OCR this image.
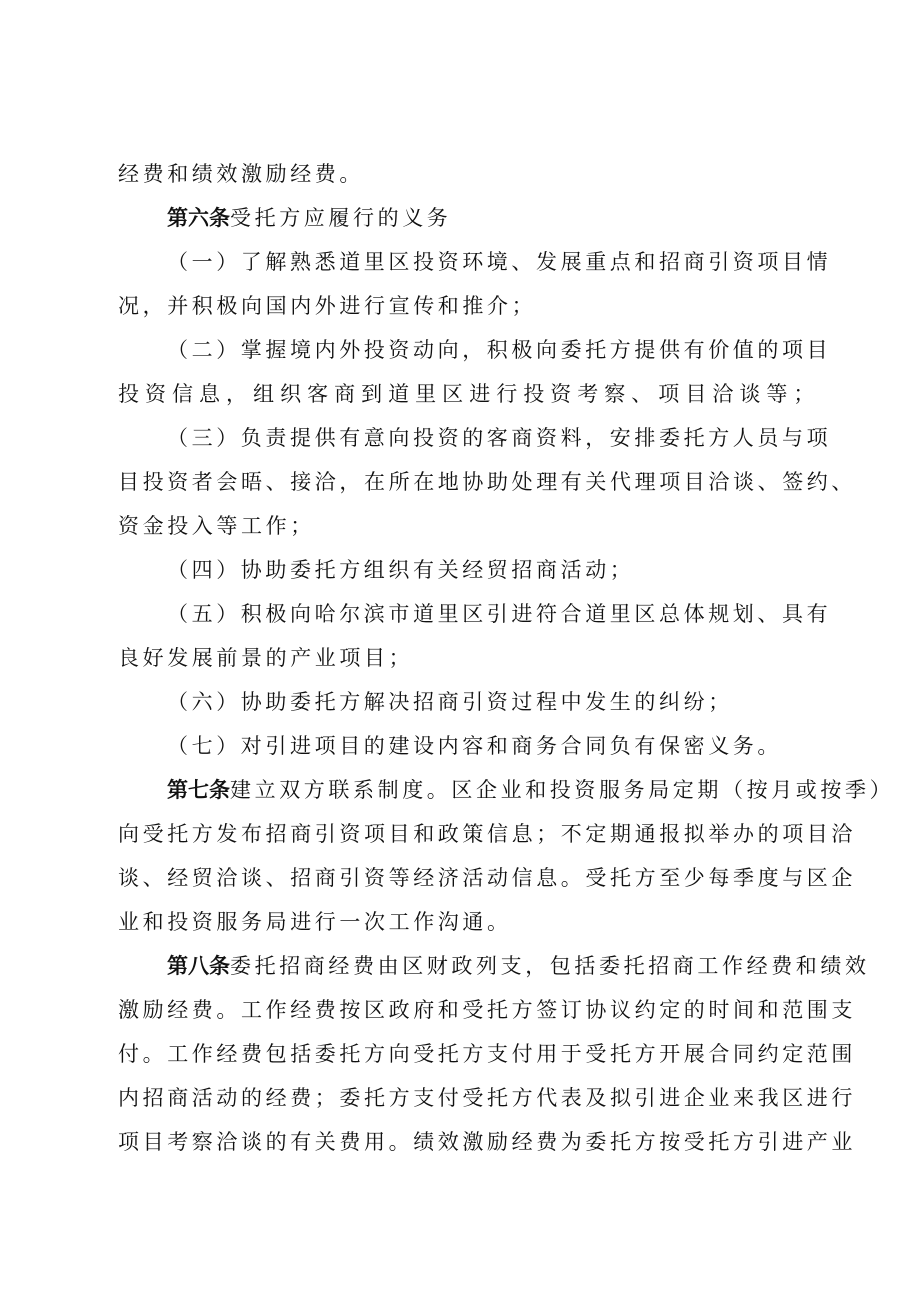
经费和绩效激励经费。
第六条受托方应履行的义务
（一）了解熟悉道里区投资环境、发展重点和招商引资项目情
况，并积极向国内外进行宣传和推介；
（二）掌握境内外投资动向，积极向委托方提供有价值的项目
投资信息，组织客商到道里区进行投资考察、项目洽谈等；
（三）负责提供有意向投资的客商资料，安排委托方人员与项
目投资者会晤、接洽，在所在地协助处理有关代理项目洽谈、签约、
资金投入等工作；
（四）协助委托方组织有关经贸招商活动；
（五）积极向哈尔滨市道里区引进符合道里区总体规划、具有
良好发展前景的产业项目；
（六）协助委托方解决招商引资过程中发生的纠纷；
（七）对引进项目的建设内容和商务合同负有保密义务。
第七条建立双方联系制度。区企业和投资服务局定期（按月或按季）
向受托方发布招商引资项目和政策信息；不定期通报拟举办的项目洽
谈、经贸洽谈、招商引资等经济活动信息。受托方至少每季度与区企
业和投资服务局进行一次工作沟通。
第八条委托招商经费由区财政列支，包括委托招商工作经费和绩效
激励经费。工作经费按区政府和受托方签订协议约定的时间和范围支
付。工作经费包括委托方向受托方支付用于受托方开展合同约定范围
内招商活动的经费；委托方支付受托方代表及拟引进企业来我区进行
项目考察洽谈的有关费用。绩效激励经费为委托方按受托方引进产业
